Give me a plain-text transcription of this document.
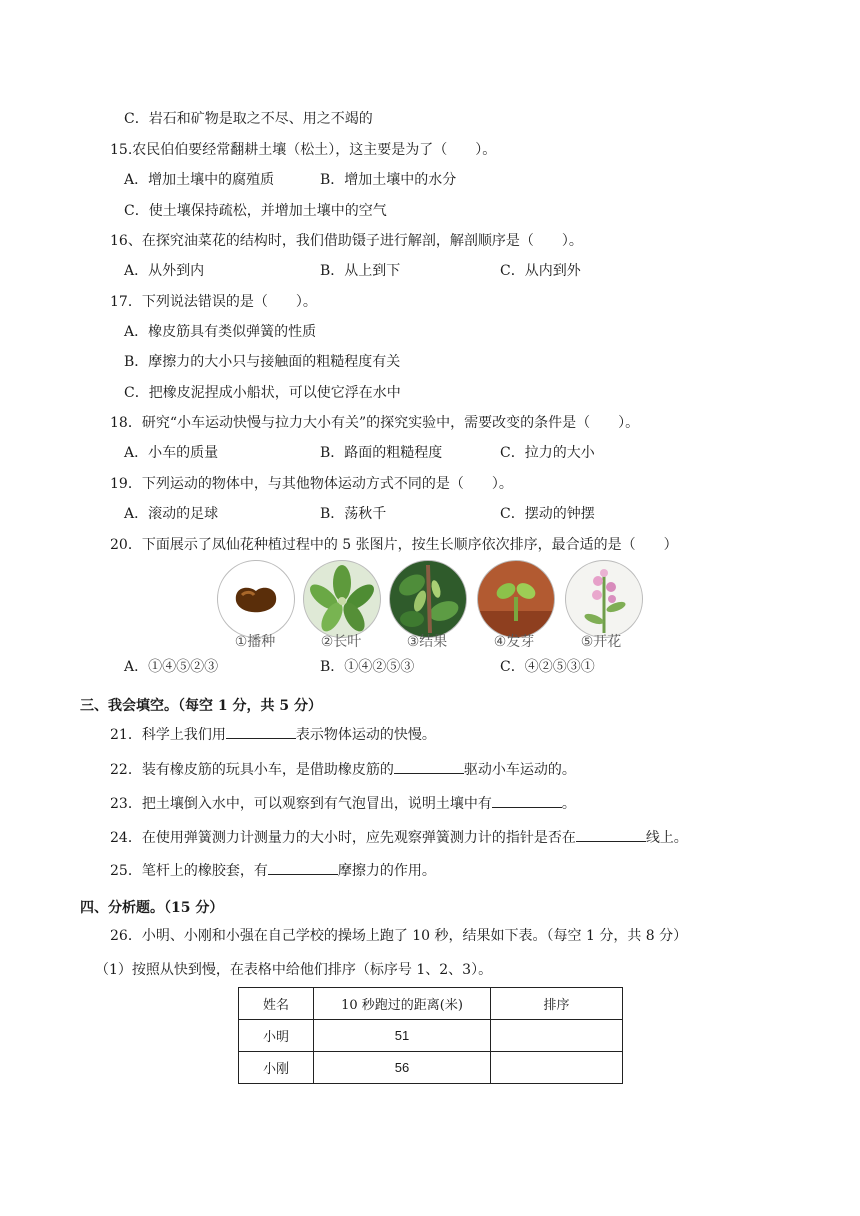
C．岩石和矿物是取之不尽、用之不竭的
15.农民伯伯要经常翻耕土壤（松土），这主要是为了（　　）。
A．增加土壤中的腐殖质	B．增加土壤中的水分
C．使土壤保持疏松，并增加土壤中的空气
16、在探究油菜花的结构时，我们借助镊子进行解剖，解剖顺序是（　　）。
A．从外到内	B．从上到下	C．从内到外
17．下列说法错误的是（　　）。
A．橡皮筋具有类似弹簧的性质
B．摩擦力的大小只与接触面的粗糙程度有关
C．把橡皮泥捏成小船状，可以使它浮在水中
18．研究“小车运动快慢与拉力大小有关”的探究实验中，需要改变的条件是（　　）。
A．小车的质量	B．路面的粗糙程度	C．拉力的大小
19．下列运动的物体中，与其他物体运动方式不同的是（　　）。
A．滚动的足球	B．荡秋千	C．摆动的钟摆
20．下面展示了凤仙花种植过程中的 5 张图片，按生长顺序依次排序，最合适的是（　　）
①播种	②长叶	③结果	④发芽	⑤开花
A．①④⑤②③	B．①④②⑤③	C．④②⑤③①
三、我会填空。（每空 1 分，共 5 分）
21．科学上我们用	表示物体运动的快慢。
22．装有橡皮筋的玩具小车，是借助橡皮筋的	驱动小车运动的。
23．把土壤倒入水中，可以观察到有气泡冒出，说明土壤中有	。
24．在使用弹簧测力计测量力的大小时，应先观察弹簧测力计的指针是否在	线上。
25．笔杆上的橡胶套，有	摩擦力的作用。
四、分析题。（15 分）
26．小明、小刚和小强在自己学校的操场上跑了 10 秒，结果如下表。（每空 1 分，共 8 分）
（1）按照从快到慢，在表格中给他们排序（标序号 1、2、3）。
姓名	10 秒跑过的距离(米)	排序
小明	51	
小刚	56	
